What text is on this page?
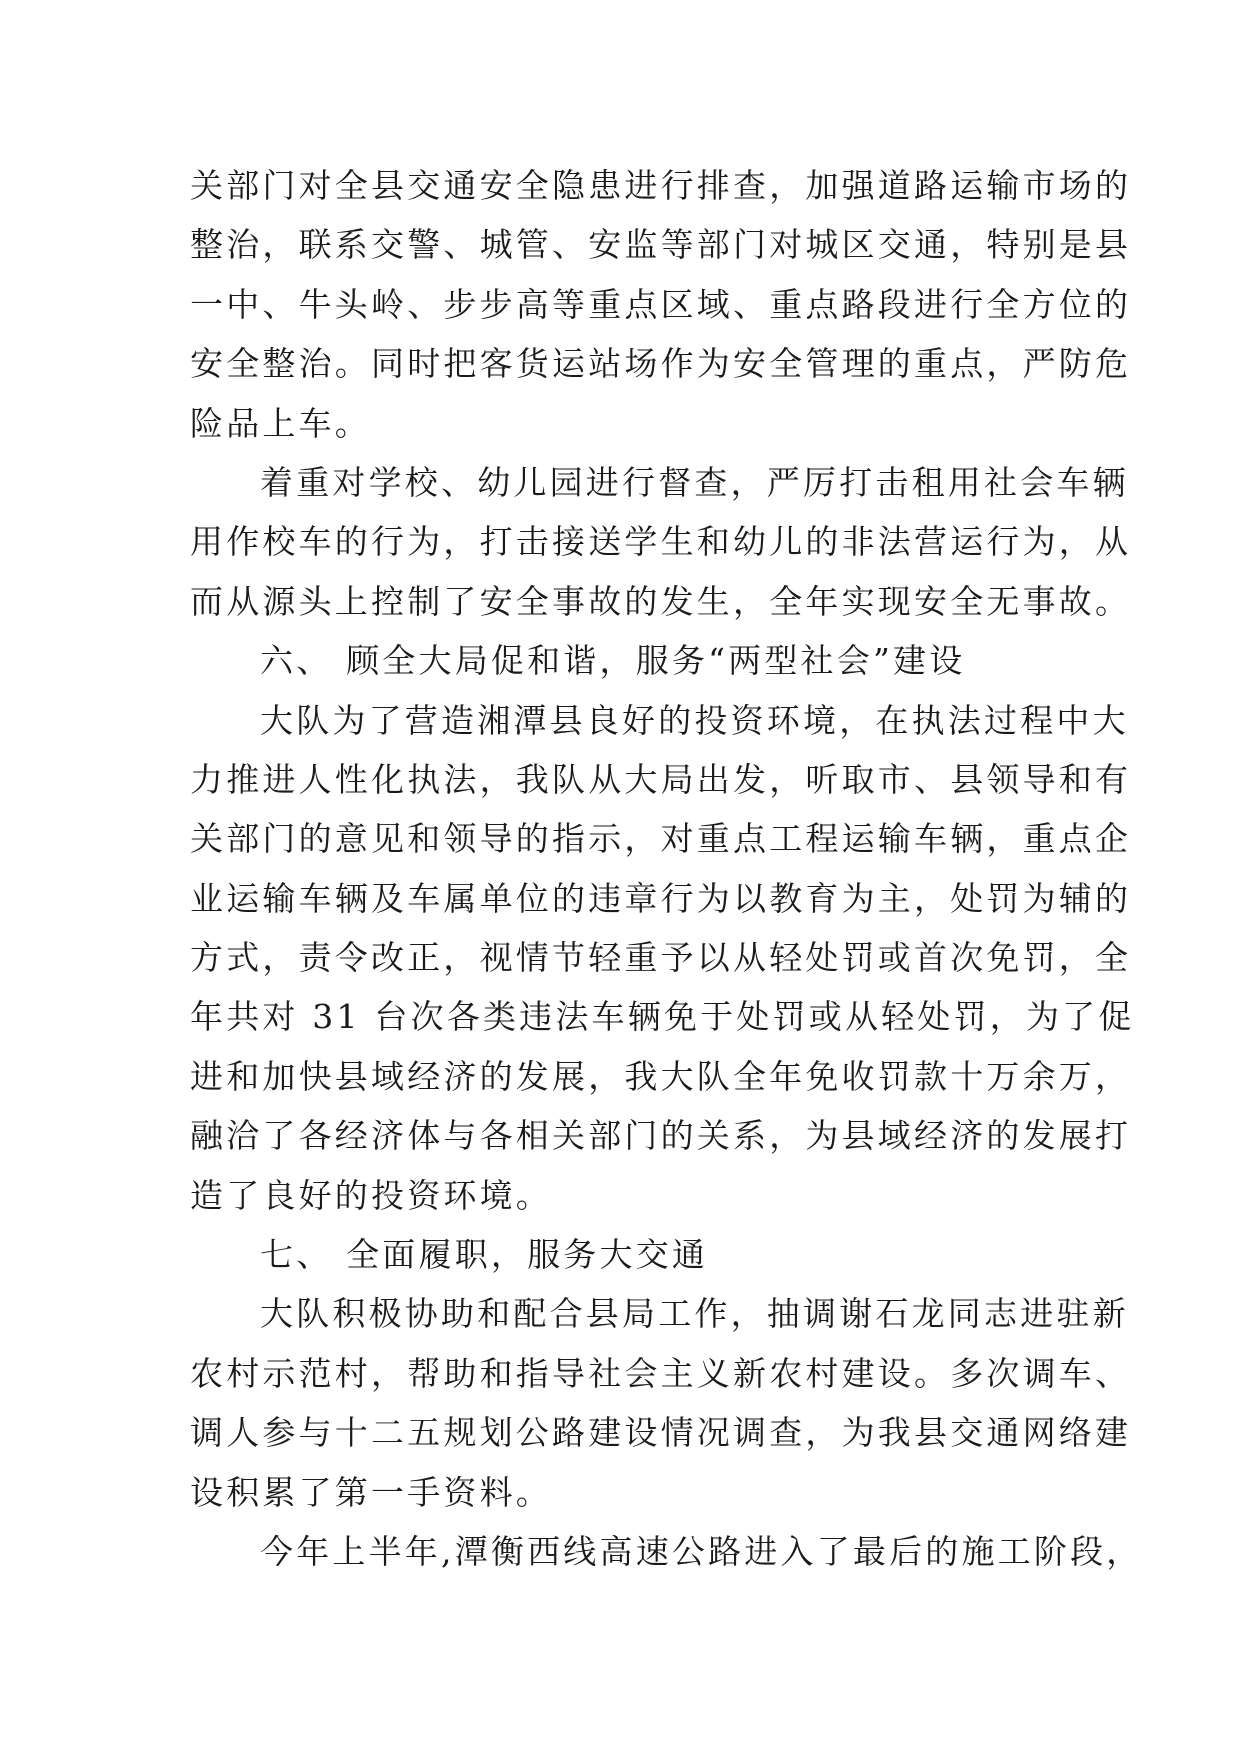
关部门对全县交通安全隐患进行排查，加强道路运输市场的
整治，联系交警、城管、安监等部门对城区交通，特别是县
一中、牛头岭、步步高等重点区域、重点路段进行全方位的
安全整治。同时把客货运站场作为安全管理的重点，严防危
险品上车。
着重对学校、幼儿园进行督查，严厉打击租用社会车辆
用作校车的行为，打击接送学生和幼儿的非法营运行为，从
而从源头上控制了安全事故的发生，全年实现安全无事故。
六、 顾全大局促和谐，服务“两型社会”建设
大队为了营造湘潭县良好的投资环境，在执法过程中大
力推进人性化执法，我队从大局出发，听取市、县领导和有
关部门的意见和领导的指示，对重点工程运输车辆，重点企
业运输车辆及车属单位的违章行为以教育为主，处罚为辅的
方式，责令改正，视情节轻重予以从轻处罚或首次免罚，全
年共对 31 台次各类违法车辆免于处罚或从轻处罚，为了促
进和加快县域经济的发展，我大队全年免收罚款十万余万，
融洽了各经济体与各相关部门的关系，为县域经济的发展打
造了良好的投资环境。
七、 全面履职，服务大交通
大队积极协助和配合县局工作，抽调谢石龙同志进驻新
农村示范村，帮助和指导社会主义新农村建设。多次调车、
调人参与十二五规划公路建设情况调查，为我县交通网络建
设积累了第一手资料。
今年上半年,潭衡西线高速公路进入了最后的施工阶段，
